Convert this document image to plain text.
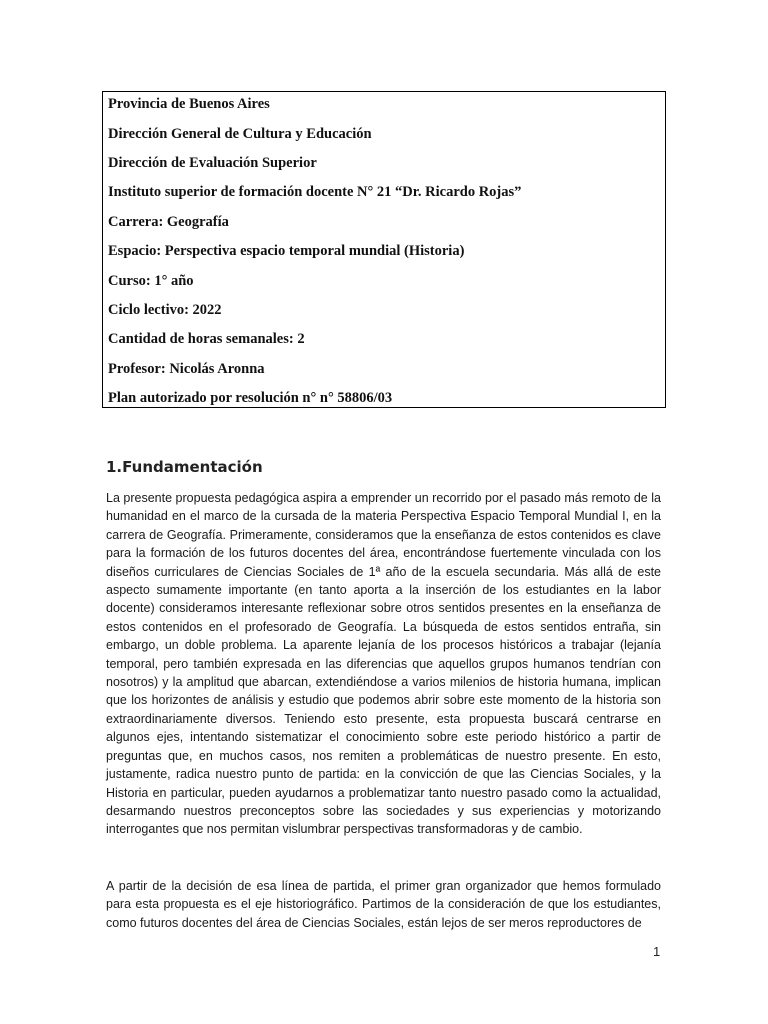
Provincia de Buenos Aires
Dirección General de Cultura y Educación
Dirección de Evaluación Superior
Instituto superior de formación docente N° 21 “Dr. Ricardo Rojas”
Carrera: Geografía
Espacio: Perspectiva espacio temporal mundial (Historia)
Curso: 1° año
Ciclo lectivo: 2022
Cantidad de horas semanales: 2
Profesor: Nicolás Aronna
Plan autorizado por resolución n° n° 58806/03
1.Fundamentación

La presente propuesta pedagógica aspira a emprender un recorrido por el pasado más remoto de la humanidad en el marco de la cursada de la materia Perspectiva Espacio Temporal Mundial I, en la carrera de Geografía. Primeramente, consideramos que la enseñanza de estos contenidos es clave para la formación de los futuros docentes del área, encontrándose fuertemente vinculada con los diseños curriculares de Ciencias Sociales de 1ª año de la escuela secundaria. Más allá de este aspecto sumamente importante (en tanto aporta a la inserción de los estudiantes en la labor docente) consideramos interesante reflexionar sobre otros sentidos presentes en la enseñanza de estos contenidos en el profesorado de Geografía. La búsqueda de estos sentidos entraña, sin embargo, un doble problema. La aparente lejanía de los procesos históricos a trabajar (lejanía temporal, pero también expresada en las diferencias que aquellos grupos humanos tendrían con nosotros) y la amplitud que abarcan, extendiéndose a varios milenios de historia humana, implican que los horizontes de análisis y estudio que podemos abrir sobre este momento de la historia son extraordinariamente diversos. Teniendo esto presente, esta propuesta buscará centrarse en algunos ejes, intentando sistematizar el conocimiento sobre este periodo histórico a partir de preguntas que, en muchos casos, nos remiten a problemáticas de nuestro presente. En esto, justamente, radica nuestro punto de partida: en la convicción de que las Ciencias Sociales, y la Historia en particular, pueden ayudarnos a problematizar tanto nuestro pasado como la actualidad, desarmando nuestros preconceptos sobre las sociedades y sus experiencias y motorizando interrogantes que nos permitan vislumbrar perspectivas transformadoras y de cambio.

A partir de la decisión de esa línea de partida, el primer gran organizador que hemos formulado para esta propuesta es el eje historiográfico. Partimos de la consideración de que los estudiantes, como futuros docentes del área de Ciencias Sociales, están lejos de ser meros reproductores de

1
